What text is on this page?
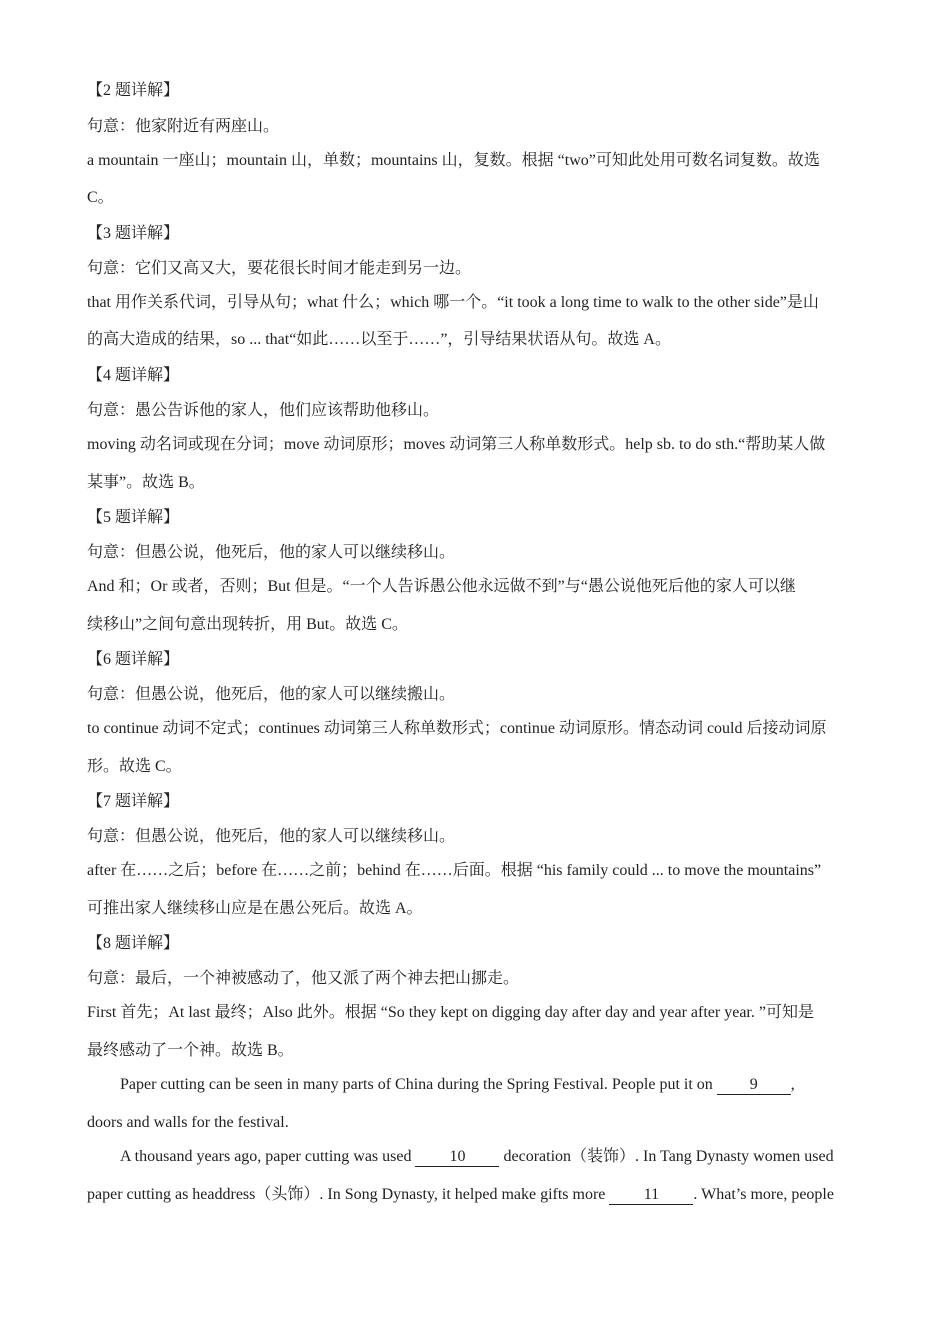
【2 题详解】
句意：他家附近有两座山。
a mountain 一座山；mountain 山，单数；mountains 山，复数。根据 “two”可知此处用可数名词复数。故选
C。
【3 题详解】
句意：它们又高又大，要花很长时间才能走到另一边。
that 用作关系代词，引导从句；what 什么；which 哪一个。“it took a long time to walk to the other side”是山
的高大造成的结果，so ... that“如此……以至于……”，引导结果状语从句。故选 A。
【4 题详解】
句意：愚公告诉他的家人，他们应该帮助他移山。
moving 动名词或现在分词；move 动词原形；moves 动词第三人称单数形式。help sb. to do sth.“帮助某人做
某事”。故选 B。
【5 题详解】
句意：但愚公说，他死后，他的家人可以继续移山。
And 和；Or 或者，否则；But 但是。“一个人告诉愚公他永远做不到”与“愚公说他死后他的家人可以继
续移山”之间句意出现转折，用 But。故选 C。
【6 题详解】
句意：但愚公说，他死后，他的家人可以继续搬山。
to continue 动词不定式；continues 动词第三人称单数形式；continue 动词原形。情态动词 could 后接动词原
形。故选 C。
【7 题详解】
句意：但愚公说，他死后，他的家人可以继续移山。
after 在……之后；before 在……之前；behind 在……后面。根据 “his family could ... to move the mountains”
可推出家人继续移山应是在愚公死后。故选 A。
【8 题详解】
句意：最后，一个神被感动了，他又派了两个神去把山挪走。
First 首先；At last 最终；Also 此外。根据 “So they kept on digging day after day and year after year. ”可知是
最终感动了一个神。故选 B。
Paper cutting can be seen in many parts of China during the Spring Festival. People put it on 9 ,
doors and walls for the festival.
A thousand years ago, paper cutting was used 10 decoration（装饰）. In Tang Dynasty women used
paper cutting as headdress（头饰）. In Song Dynasty, it helped make gifts more 11 . What’s more, people
